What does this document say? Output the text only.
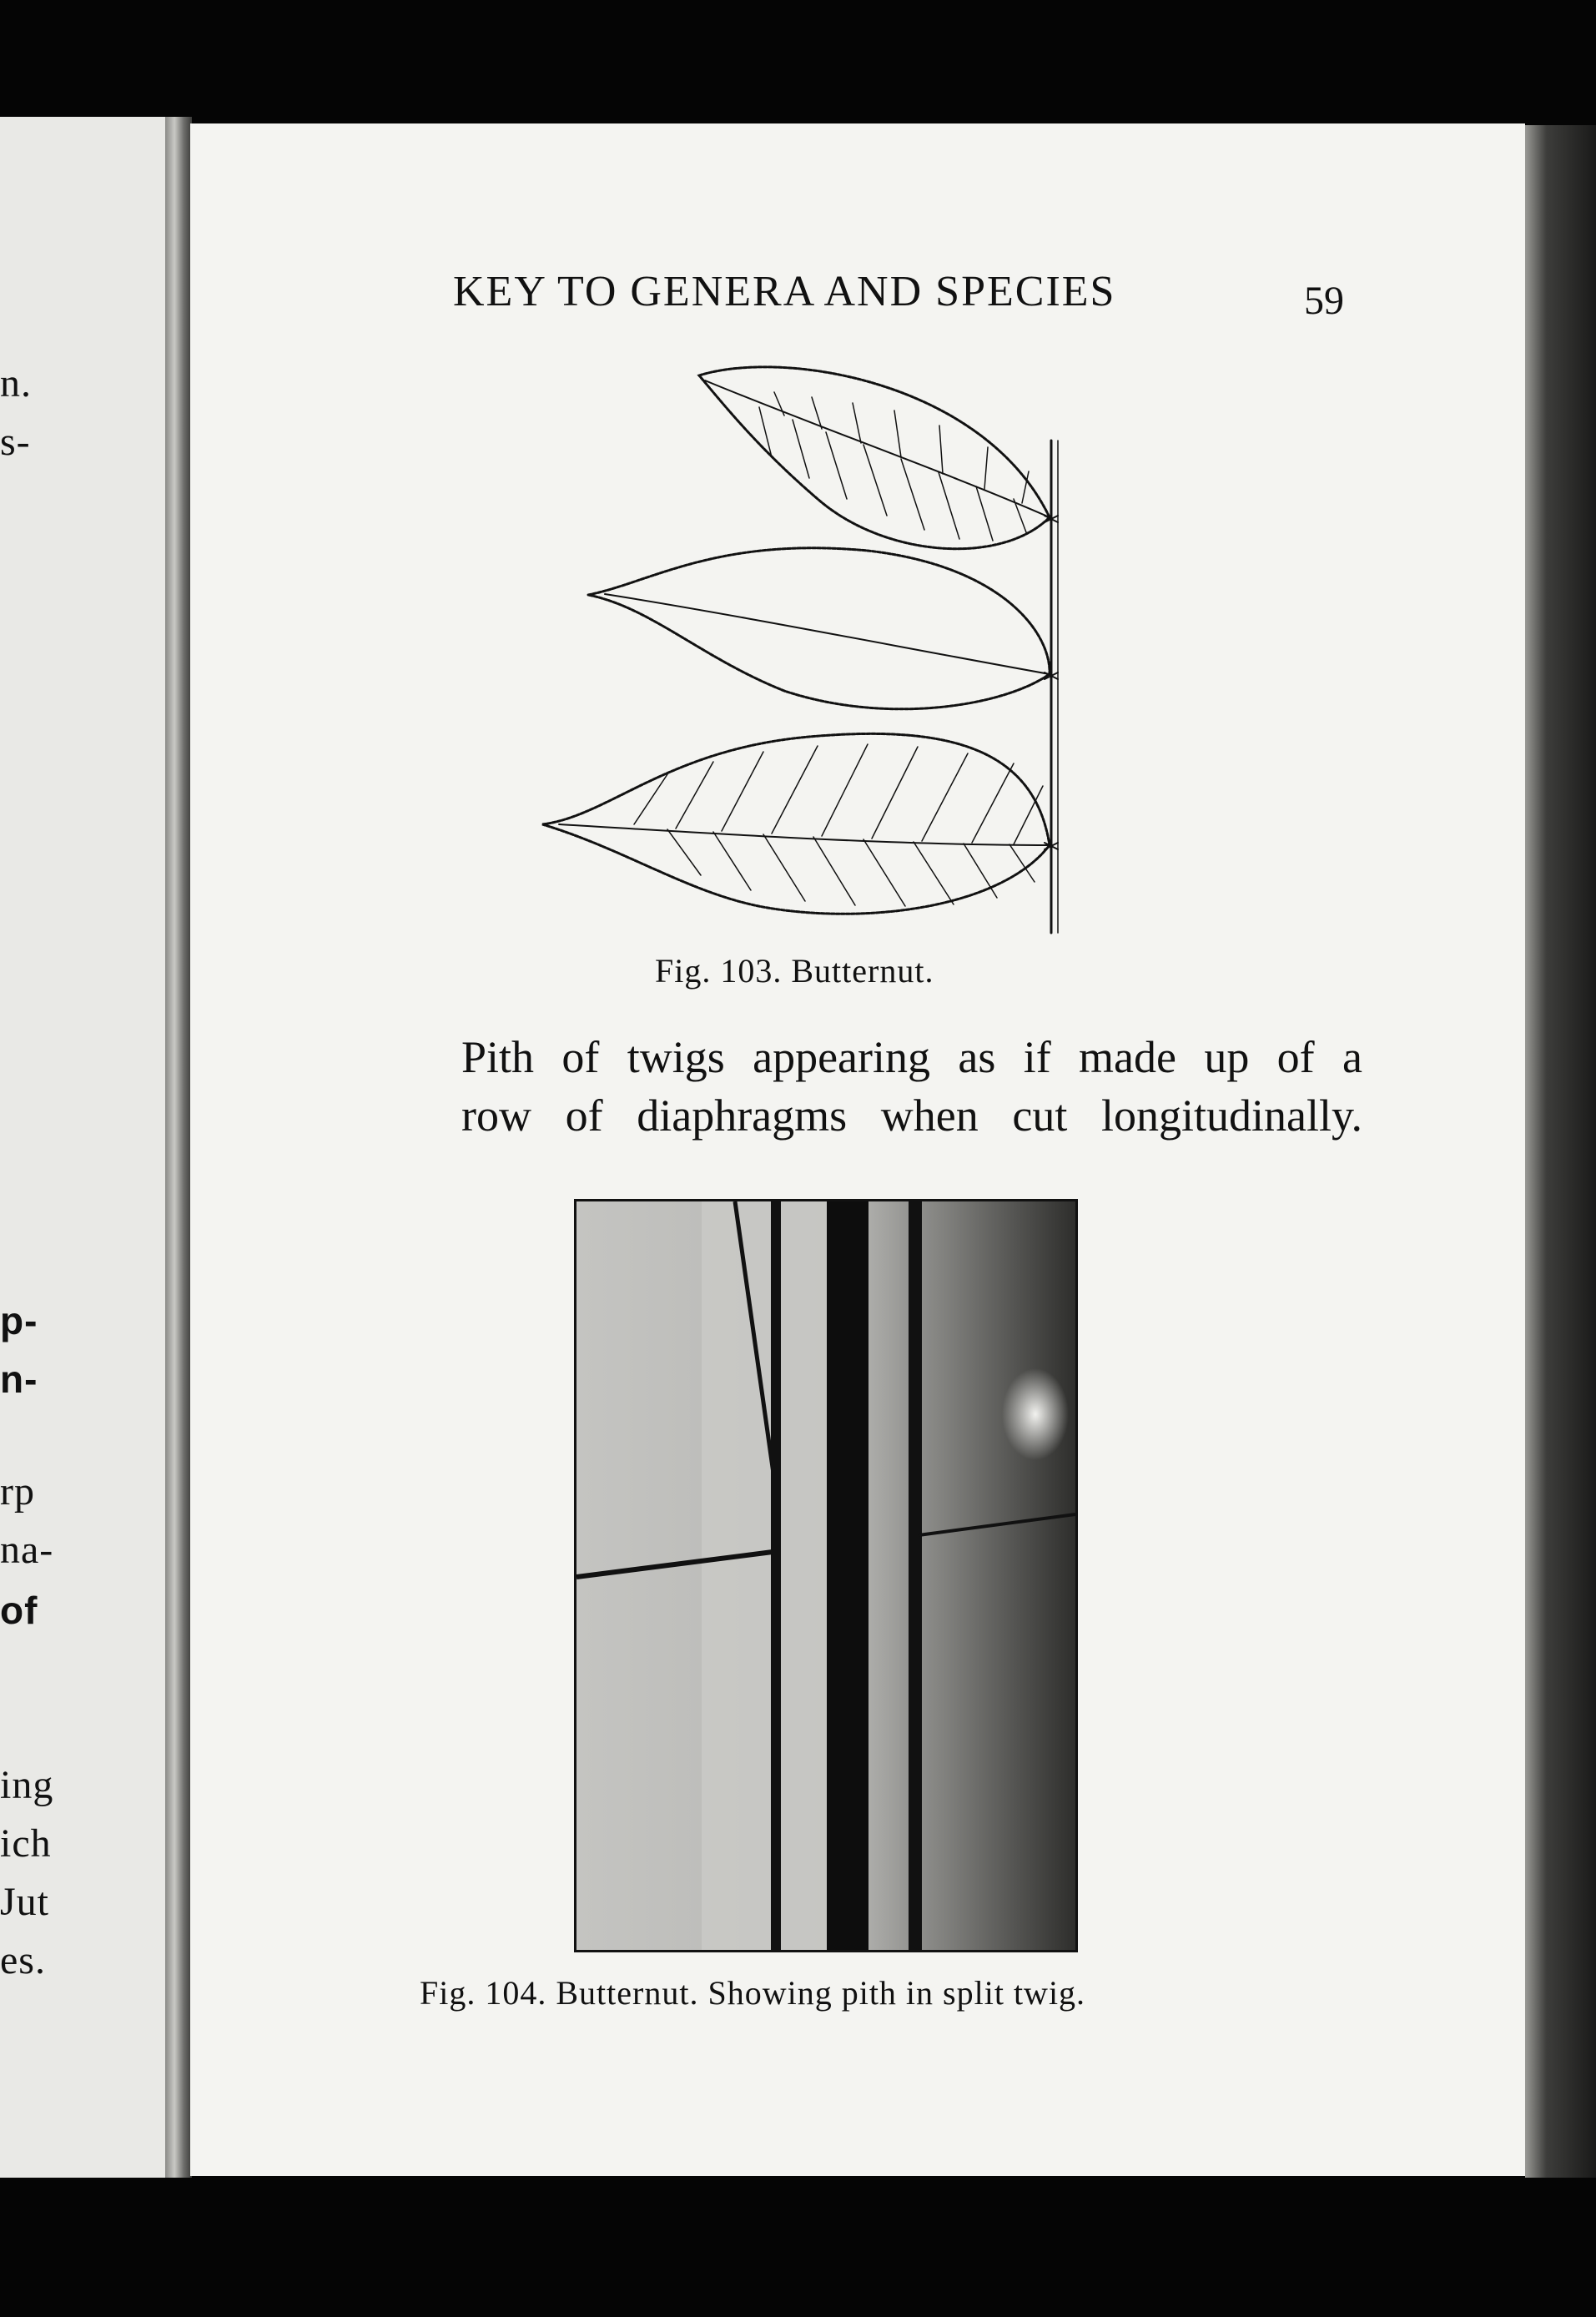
n.
s-
p-
n-
rp
na-
of
ing
ich
Jut
es.
KEY TO GENERA AND SPECIES	59
Fig. 103. Butternut.
Pith of twigs appearing as if made up of a
row of diaphragms when cut longitudinally.
Fig. 104. Butternut. Showing pith in split twig.
